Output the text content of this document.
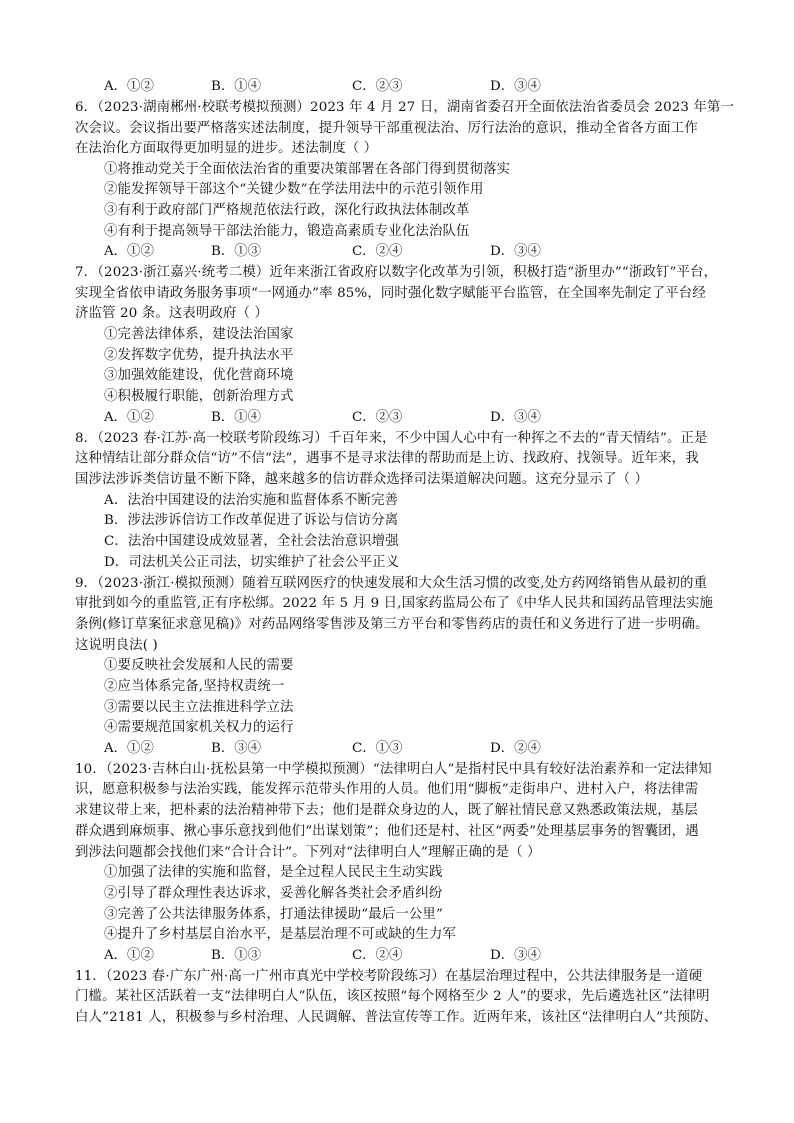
A．①②	B．①④	C．②③	D．③④
6．（2023·湖南郴州·校联考模拟预测）2023 年 4 月 27 日，湖南省委召开全面依法治省委员会 2023 年第一
次会议。会议指出要严格落实述法制度，提升领导干部重视法治、厉行法治的意识，推动全省各方面工作
在法治化方面取得更加明显的进步。述法制度（ ）
①将推动党关于全面依法治省的重要决策部署在各部门得到贯彻落实
②能发挥领导干部这个“关键少数”在学法用法中的示范引领作用
③有利于政府部门严格规范依法行政，深化行政执法体制改革
④有利于提高领导干部法治能力，锻造高素质专业化法治队伍
A．①②	B．①③	C．②④	D．③④
7．（2023·浙江嘉兴·统考二模）近年来浙江省政府以数字化改革为引领，积极打造“浙里办”“浙政钉”平台，
实现全省依申请政务服务事项“一网通办”率 85%，同时强化数字赋能平台监管，在全国率先制定了平台经
济监管 20 条。这表明政府（ ）
①完善法律体系，建设法治国家
②发挥数字优势，提升执法水平
③加强效能建设，优化营商环境
④积极履行职能，创新治理方式
A．①②	B．①④	C．②③	D．③④
8．（2023 春·江苏·高一校联考阶段练习）千百年来，不少中国人心中有一种挥之不去的“青天情结”。正是
这种情结让部分群众信“访”不信“法”，遇事不是寻求法律的帮助而是上访、找政府、找领导。近年来，我
国涉法涉诉类信访量不断下降，越来越多的信访群众选择司法渠道解决问题。这充分显示了（ ）
A．法治中国建设的法治实施和监督体系不断完善
B．涉法涉诉信访工作改革促进了诉讼与信访分离
C．法治中国建设成效显著，全社会法治意识增强
D．司法机关公正司法，切实维护了社会公平正义
9．（2023·浙江·模拟预测）随着互联网医疗的快速发展和大众生活习惯的改变,处方药网络销售从最初的重
审批到如今的重监管,正有序松绑。2022 年 5 月 9 日,国家药监局公布了《中华人民共和国药品管理法实施
条例(修订草案征求意见稿)》对药品网络零售涉及第三方平台和零售药店的责任和义务进行了进一步明确。
这说明良法( )
①要反映社会发展和人民的需要
②应当体系完备,坚持权责统一
③需要以民主立法推进科学立法
④需要规范国家机关权力的运行
A．①②	B．③④	C．①③	D．②④
10．（2023·吉林白山·抚松县第一中学模拟预测）“法律明白人”是指村民中具有较好法治素养和一定法律知
识，愿意积极参与法治实践，能发挥示范带头作用的人员。他们用“脚板”走街串户、进村入户，将法律需
求建议带上来，把朴素的法治精神带下去；他们是群众身边的人，既了解社情民意又熟悉政策法规，基层
群众遇到麻烦事、揪心事乐意找到他们“出谋划策”；他们还是村、社区“两委”处理基层事务的智囊团，遇
到涉法问题都会找他们来“合计合计”。下列对“法律明白人”理解正确的是（ ）
①加强了法律的实施和监督，是全过程人民民主生动实践
②引导了群众理性表达诉求，妥善化解各类社会矛盾纠纷
③完善了公共法律服务体系，打通法律援助“最后一公里”
④提升了乡村基层自治水平，是基层治理不可或缺的生力军
A．①②	B．①③	C．②④	D．③④
11．（2023 春·广东广州·高一广州市真光中学校考阶段练习）在基层治理过程中，公共法律服务是一道硬
门槛。某社区活跃着一支“法律明白人”队伍，该区按照“每个网格至少 2 人”的要求，先后遴选社区“法律明
白人”2181 人，积极参与乡村治理、人民调解、普法宣传等工作。近两年来，该社区“法律明白人”共预防、
